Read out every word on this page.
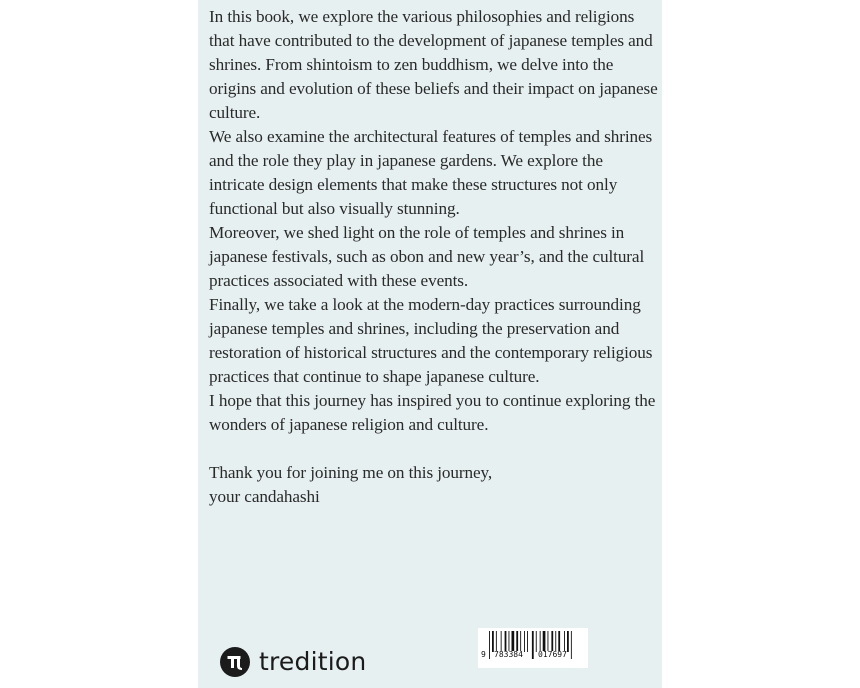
In this book, we explore the various philosophies and religions that have contributed to the development of japanese temples and shrines. From shintoism to zen buddhism, we delve into the origins and evolution of these beliefs and their impact on japanese culture.

We also examine the architectural features of temples and shrines and the role they play in japanese gardens. We explore the intricate design elements that make these structures not only functional but also visually stunning.

Moreover, we shed light on the role of temples and shrines in japanese festivals, such as obon and new year’s, and the cultural practices associated with these events.

Finally, we take a look at the modern-day practices surrounding japanese temples and shrines, including the preservation and restoration of historical structures and the contemporary religious practices that continue to shape japanese culture.

I hope that this journey has inspired you to continue exploring the wonders of japanese religion and culture.

Thank you for joining me on this journey,

your candahashi

tredition	9 783384 017697
